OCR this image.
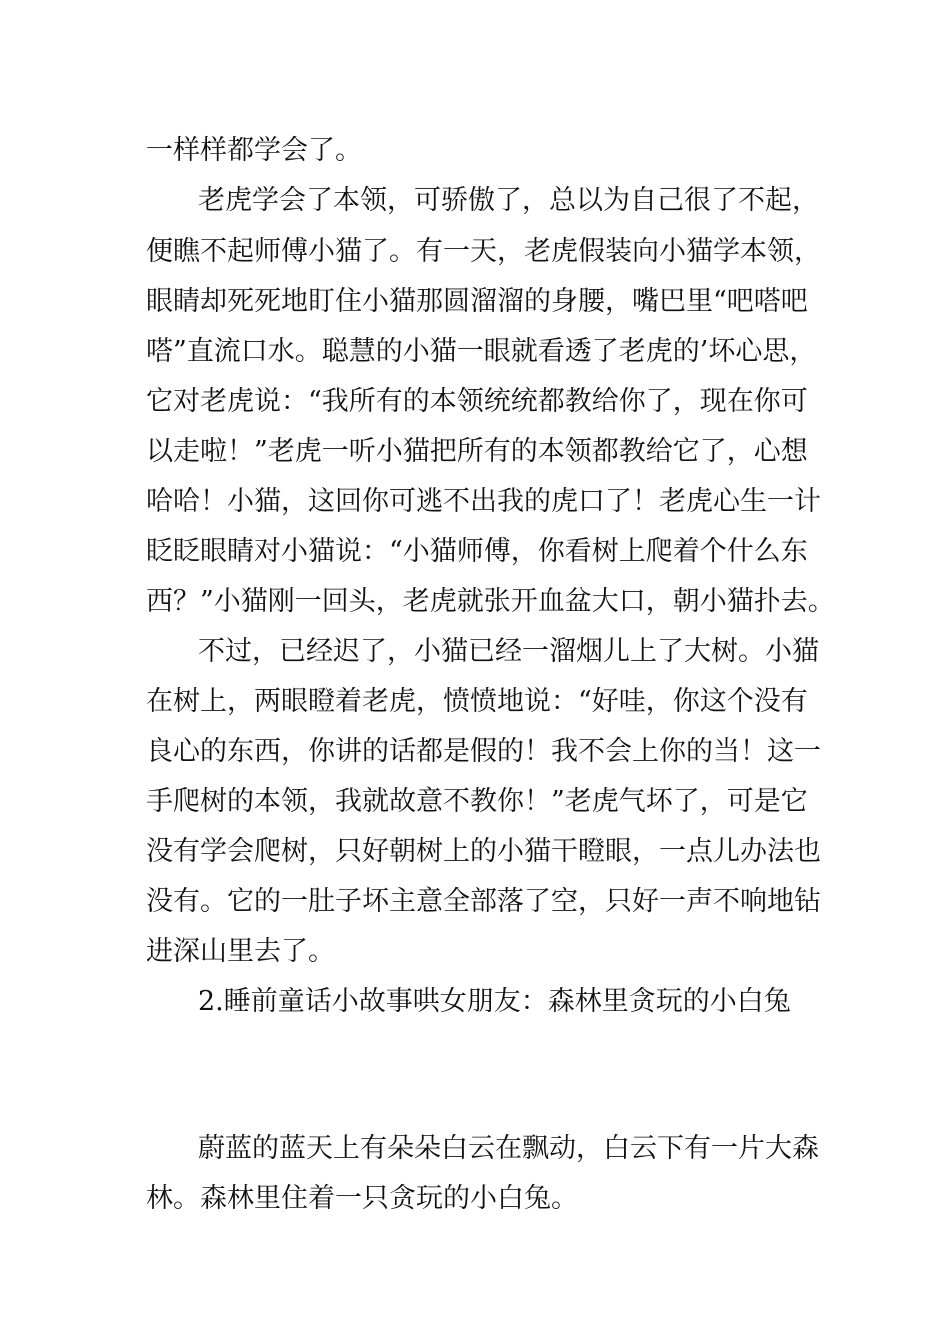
一样样都学会了。
老虎学会了本领，可骄傲了，总以为自己很了不起，
便瞧不起师傅小猫了。有一天，老虎假装向小猫学本领，
眼睛却死死地盯住小猫那圆溜溜的身腰，嘴巴里“吧嗒吧
嗒”直流口水。聪慧的小猫一眼就看透了老虎的’坏心思，
它对老虎说：“我所有的本领统统都教给你了，现在你可
以走啦！”老虎一听小猫把所有的本领都教给它了，心想
哈哈！小猫，这回你可逃不出我的虎口了！老虎心生一计
眨眨眼睛对小猫说：“小猫师傅，你看树上爬着个什么东
西？”小猫刚一回头，老虎就张开血盆大口，朝小猫扑去。
不过，已经迟了，小猫已经一溜烟儿上了大树。小猫
在树上，两眼瞪着老虎，愤愤地说：“好哇，你这个没有
良心的东西，你讲的话都是假的！我不会上你的当！这一
手爬树的本领，我就故意不教你！”老虎气坏了，可是它
没有学会爬树，只好朝树上的小猫干瞪眼，一点儿办法也
没有。它的一肚子坏主意全部落了空，只好一声不响地钻
进深山里去了。
2.睡前童话小故事哄女朋友：森林里贪玩的小白兔
蔚蓝的蓝天上有朵朵白云在飘动，白云下有一片大森
林。森林里住着一只贪玩的小白兔。
